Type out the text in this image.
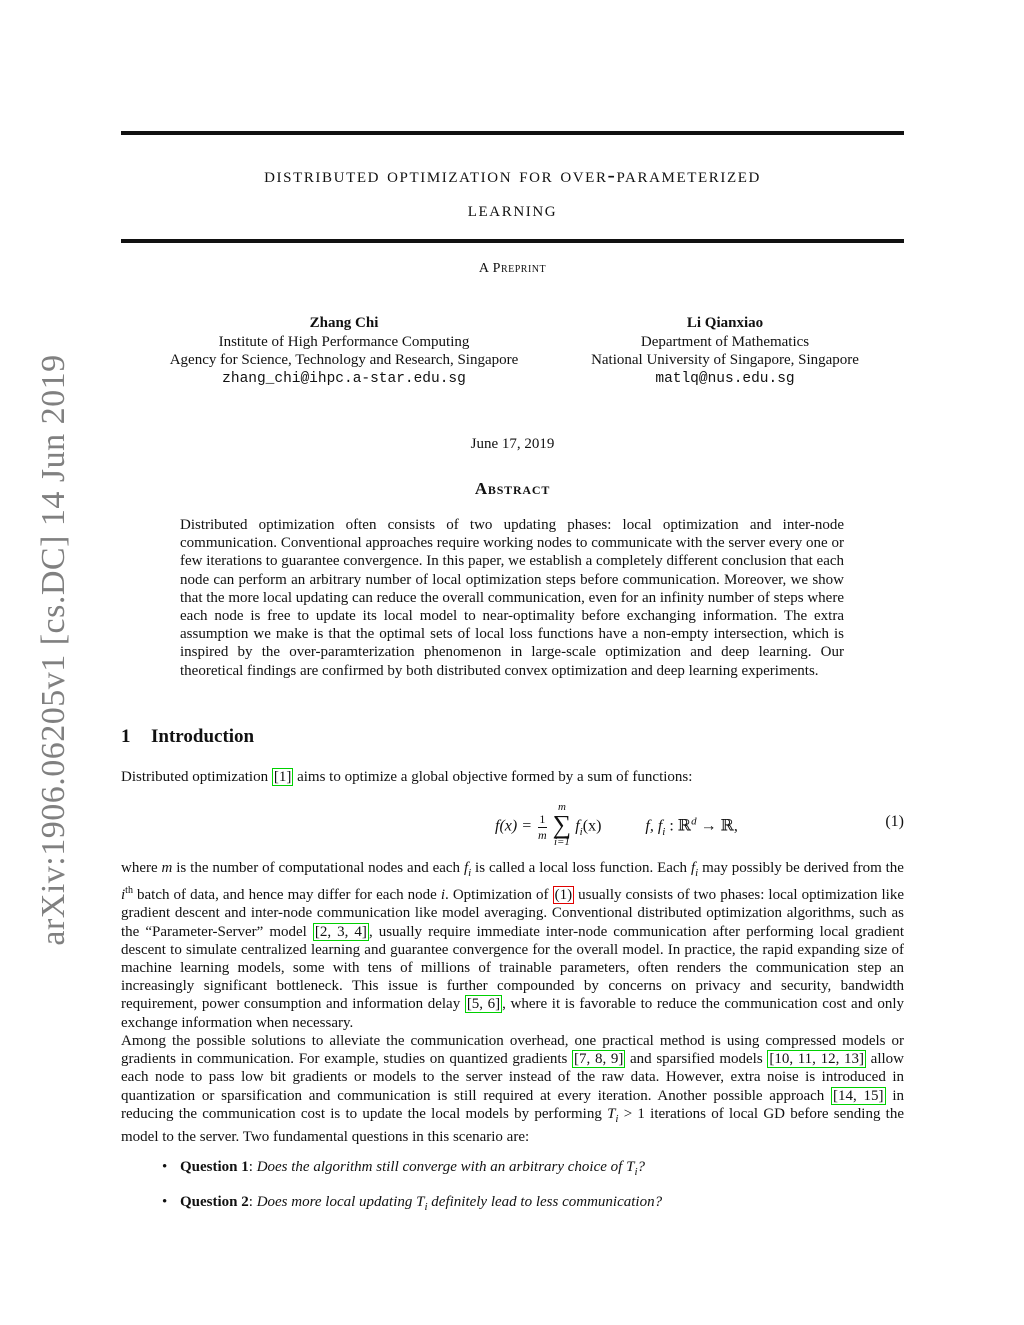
arXiv:1906.06205v1 [cs.DC] 14 Jun 2019
distributed optimization for over-parameterized
learning
A Preprint
Zhang Chi
Institute of High Performance Computing
Agency for Science, Technology and Research, Singapore
zhang_chi@ihpc.a-star.edu.sg
Li Qianxiao
Department of Mathematics
National University of Singapore, Singapore
matlq@nus.edu.sg
June 17, 2019
Abstract
Distributed optimization often consists of two updating phases: local optimization and inter-node communication. Conventional approaches require working nodes to communicate with the server every one or few iterations to guarantee convergence. In this paper, we establish a completely different conclusion that each node can perform an arbitrary number of local optimization steps before communication. Moreover, we show that the more local updating can reduce the overall communication, even for an infinity number of steps where each node is free to update its local model to near-optimality before exchanging information. The extra assumption we make is that the optimal sets of local loss functions have a non-empty intersection, which is inspired by the over-paramterization phenomenon in large-scale optimization and deep learning. Our theoretical findings are confirmed by both distributed convex optimization and deep learning experiments.
1 Introduction
Distributed optimization [1] aims to optimize a global objective formed by a sum of functions:
$f(x) = \frac{1}{m}$

m
∑
i=1
$f_i(x)$	f, $f_i$ : ℝ$^d$ → ℝ,	(1)
where m is the number of computational nodes and each $f_i$ is called a local loss function. Each $f_i$ may possibly be derived from the $i^{th}$ batch of data, and hence may differ for each node i. Optimization of (1) usually consists of two phases: local optimization like gradient descent and inter-node communication like model averaging. Conventional distributed optimization algorithms, such as the “Parameter-Server” model [2, 3, 4] , usually require immediate inter-node communication after performing local gradient descent to simulate centralized learning and guarantee convergence for the overall model. In practice, the rapid expanding size of machine learning models, some with tens of millions of trainable parameters, often renders the communication step an increasingly significant bottleneck. This issue is further compounded by concerns on privacy and security, bandwidth requirement, power consumption and information delay [5, 6] , where it is favorable to reduce the communication cost and only exchange information when necessary.
Among the possible solutions to alleviate the communication overhead, one practical method is using compressed models or gradients in communication. For example, studies on quantized gradients [7, 8, 9] and sparsified models [10, 11, 12, 13] allow each node to pass low bit gradients or models to the server instead of the raw data. However, extra noise is introduced in quantization or sparsification and communication is still required at every iteration. Another possible approach [14, 15] in reducing the communication cost is to update the local models by performing $T_i > 1$ iterations of local GD before sending the model to the server. Two fundamental questions in this scenario are:
• Question 1: Does the algorithm still converge with an arbitrary choice of $T_i$?
• Question 2: Does more local updating $T_i$ definitely lead to less communication?
